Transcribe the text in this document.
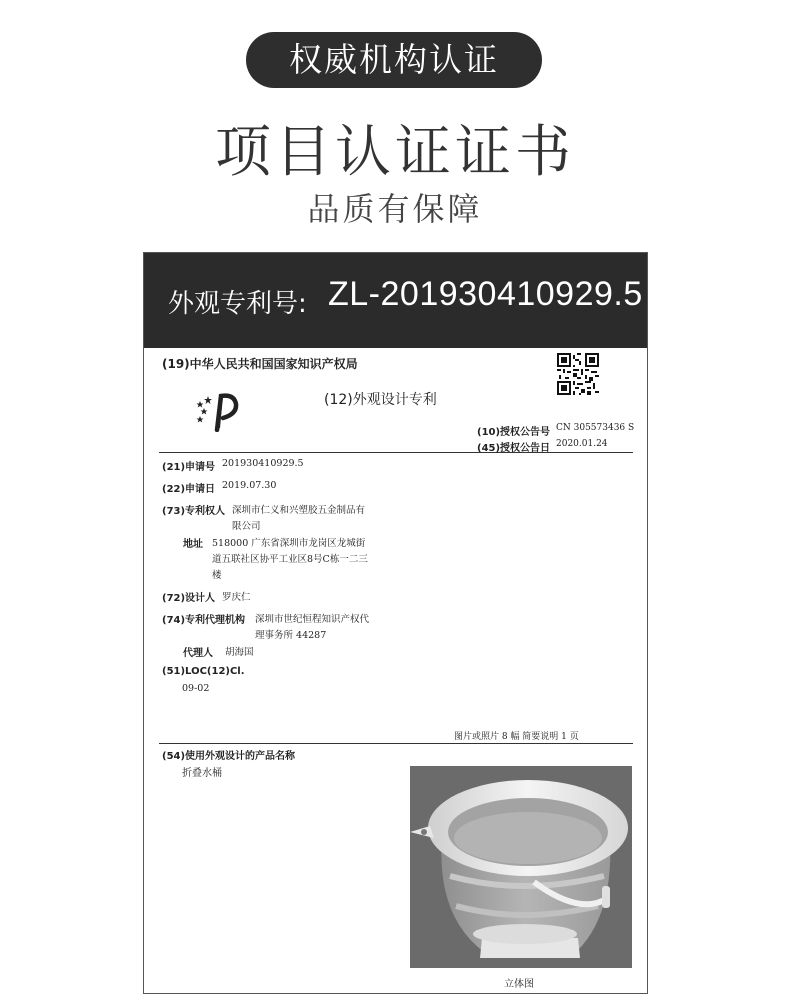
权威机构认证
项目认证证书
品质有保障
外观专利号: ZL-201930410929.5
(19)中华人民共和国国家知识产权局
(12)外观设计专利
(10)授权公告号 CN 305573436 S
(45)授权公告日 2020.01.24
(21)申请号 201930410929.5
(22)申请日 2019.07.30
(73)专利权人 深圳市仁义和兴塑胶五金制品有
限公司
地址 518000 广东省深圳市龙岗区龙城街
道五联社区协平工业区8号C栋一二三
楼
(72)设计人 罗庆仁
(74)专利代理机构 深圳市世纪恒程知识产权代
理事务所 44287
代理人 胡海国
(51)LOC(12)Cl.
09-02
图片或照片 8 幅 简要说明 1 页
(54)使用外观设计的产品名称
折叠水桶
立体图
